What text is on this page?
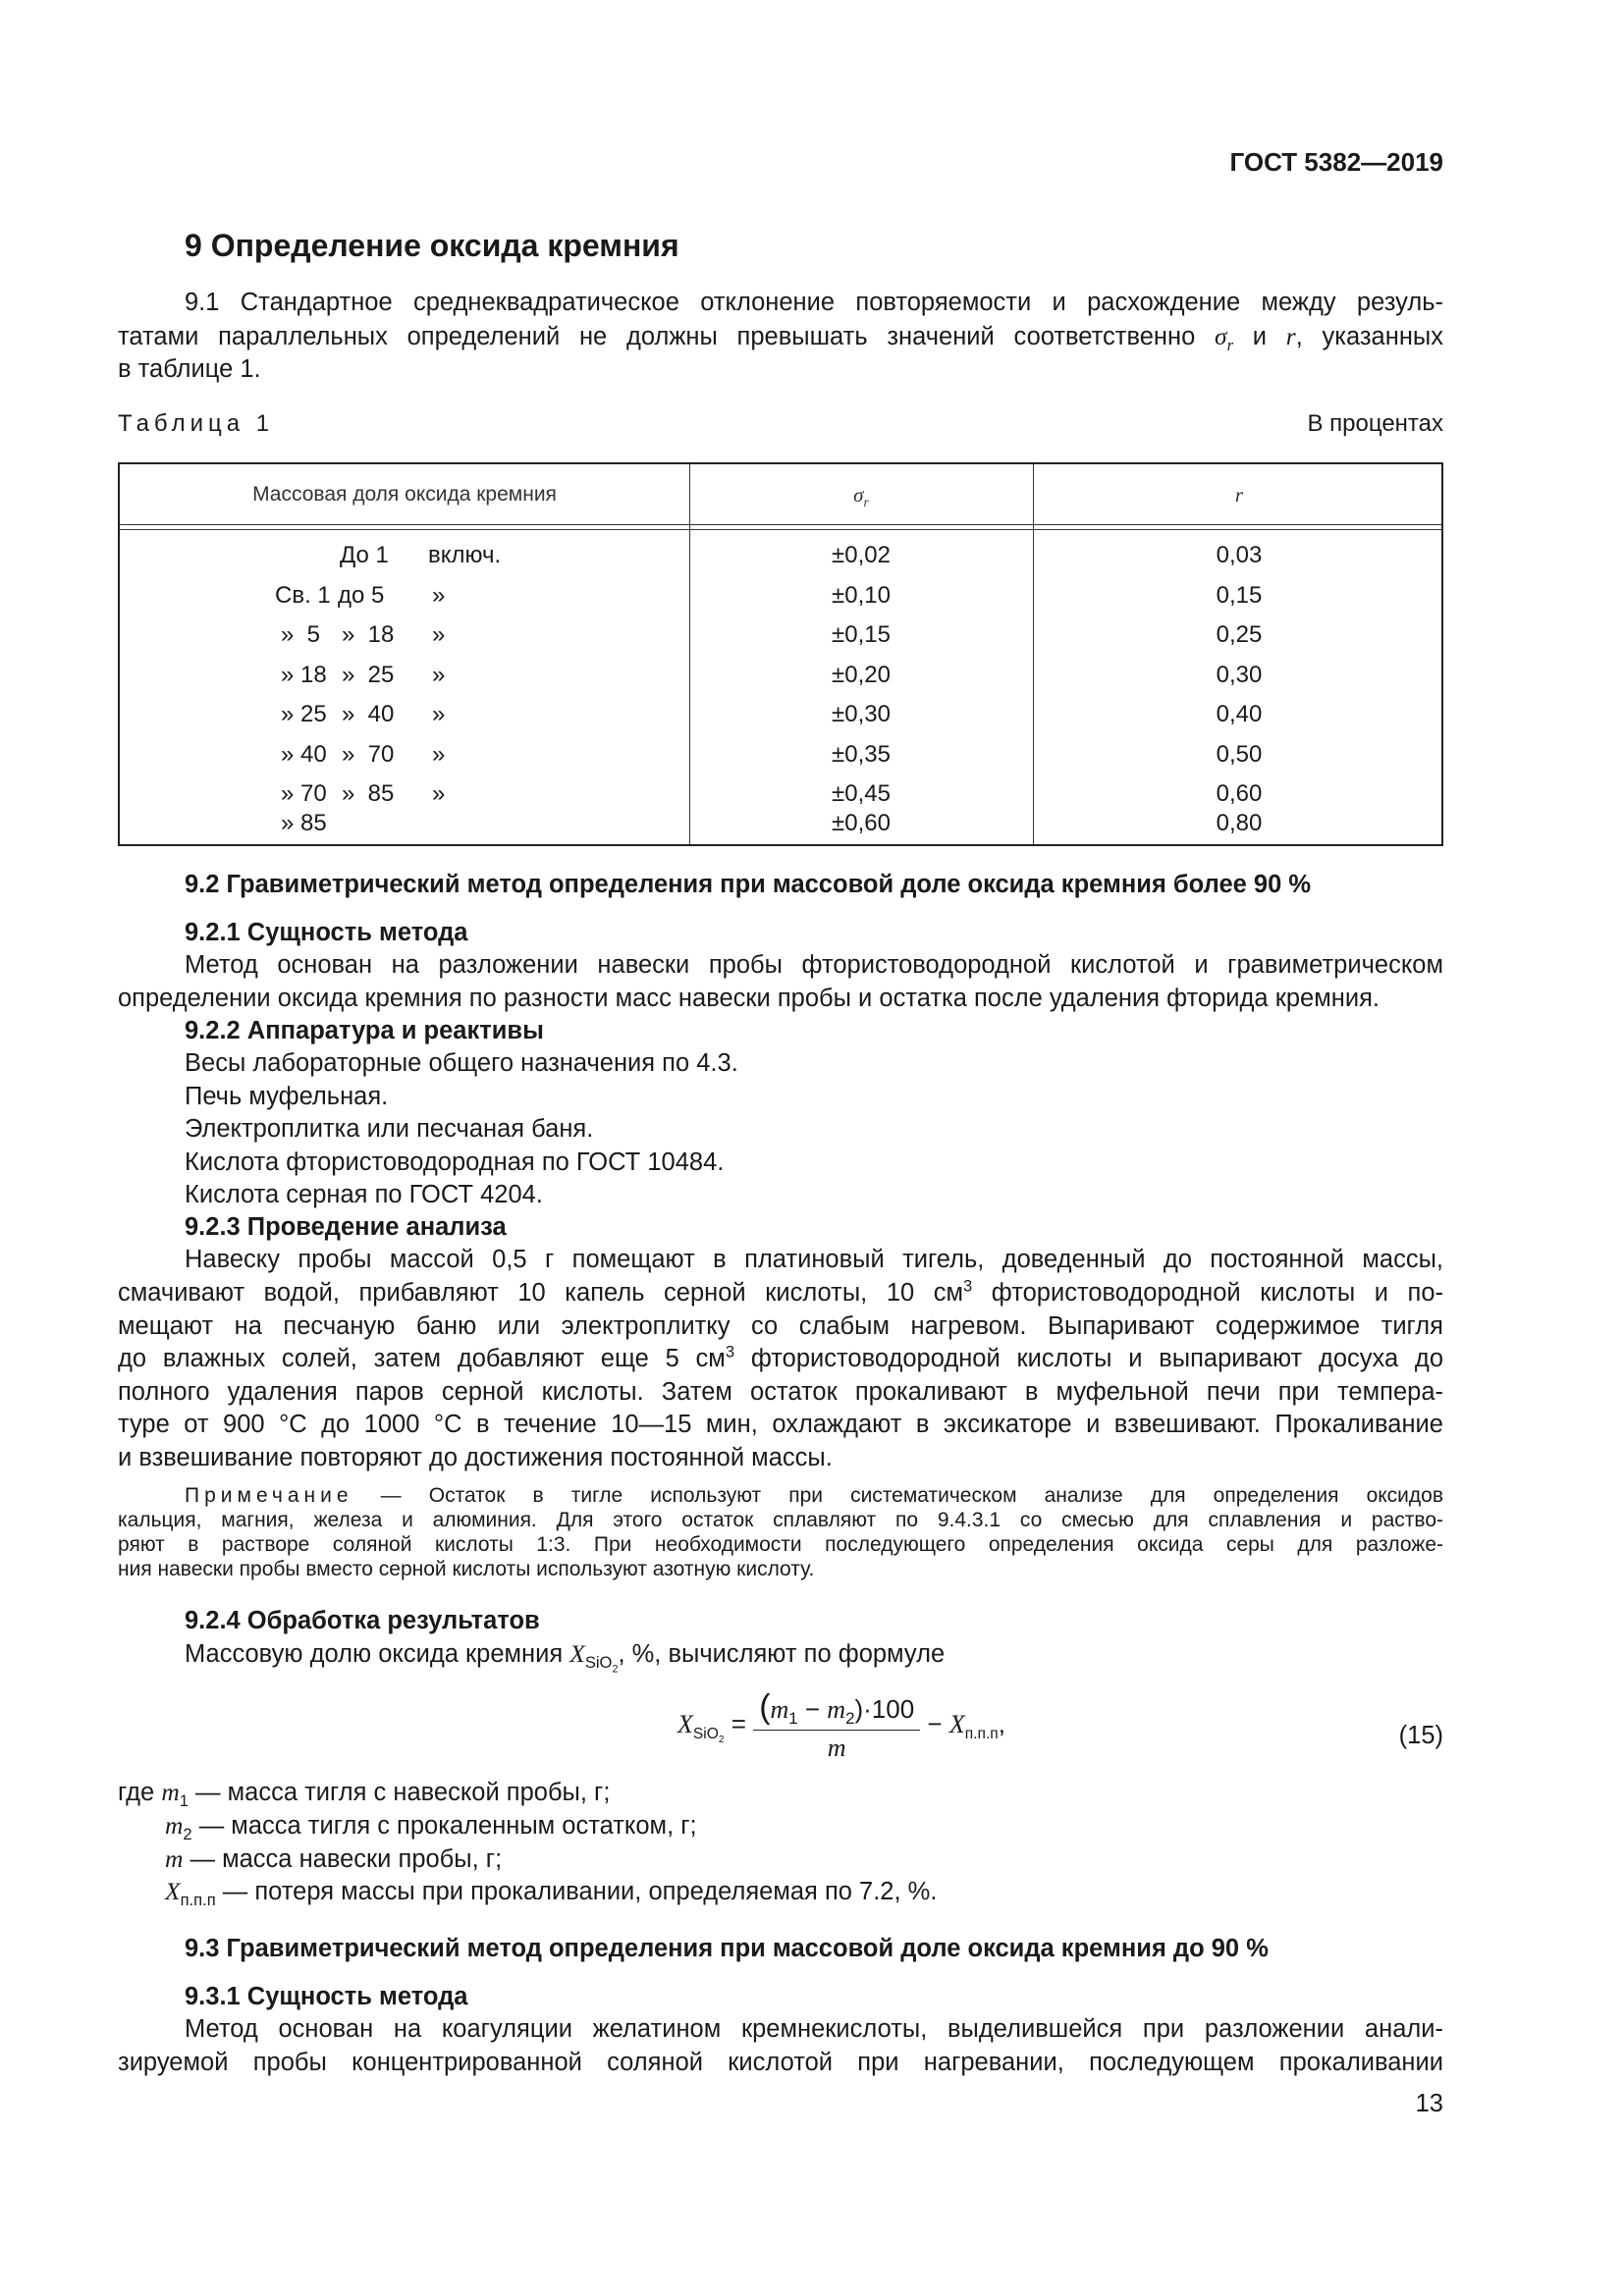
ГОСТ 5382—2019
9 Определение оксида кремния
9.1 Стандартное среднеквадратическое отклонение повторяемости и расхождение между резуль-
татами параллельных определений не должны превышать значений соответственно $\sigma_r$ и r, указанных
в таблице 1.
Таблица 1	В процентах
Массовая доля оксида кремния	$\sigma_r$	r
До 1 включ.	±0,02	0,03
Св. 1 до 5 »	±0,10	0,15
»  5 »  18 »	±0,15	0,25
» 18 »  25 »	±0,20	0,30
» 25 »  40 »	±0,30	0,40
» 40 »  70 »	±0,35	0,50
» 70 »  85 »	±0,45	0,60
» 85	±0,60	0,80
9.2 Гравиметрический метод определения при массовой доле оксида кремния более 90 %
9.2.1 Сущность метода
Метод основан на разложении навески пробы фтористоводородной кислотой и гравиметрическом
определении оксида кремния по разности масс навески пробы и остатка после удаления фторида кремния.
9.2.2 Аппаратура и реактивы
Весы лабораторные общего назначения по 4.3.
Печь муфельная.
Электроплитка или песчаная баня.
Кислота фтористоводородная по ГОСТ 10484.
Кислота серная по ГОСТ 4204.
9.2.3 Проведение анализа
Навеску пробы массой 0,5 г помещают в платиновый тигель, доведенный до постоянной массы,
смачивают водой, прибавляют 10 капель серной кислоты, 10 $см^3$ фтористоводородной кислоты и по-
мещают на песчаную баню или электроплитку со слабым нагревом. Выпаривают содержимое тигля
до влажных солей, затем добавляют еще 5 $см^3$ фтористоводородной кислоты и выпаривают досуха до
полного удаления паров серной кислоты. Затем остаток прокаливают в муфельной печи при темпера-
туре от 900 °С до 1000 °С в течение 10—15 мин, охлаждают в эксикаторе и взвешивают. Прокаливание
и взвешивание повторяют до достижения постоянной массы.
Примечание — Остаток в тигле используют при систематическом анализе для определения оксидов
кальция, магния, железа и алюминия. Для этого остаток сплавляют по 9.4.3.1 со смесью для сплавления и раство-
ряют в растворе соляной кислоты 1:3. При необходимости последующего определения оксида серы для разложе-
ния навески пробы вместо серной кислоты используют азотную кислоту.
9.2.4 Обработка результатов
Массовую долю оксида кремния $X_{SiO_2}$, %, вычисляют по формуле
$X_{SiO_2} = \frac{(m_1 - m_2)\cdot 100}{m} - X_{п.п.п}$,	(15)
где $m_1$ — масса тигля с навеской пробы, г;
$m_2$ — масса тигля с прокаленным остатком, г;
m — масса навески пробы, г;
$X_{п.п.п}$ — потеря массы при прокаливании, определяемая по 7.2, %.
9.3 Гравиметрический метод определения при массовой доле оксида кремния до 90 %
9.3.1 Сущность метода
Метод основан на коагуляции желатином кремнекислоты, выделившейся при разложении анали-
зируемой пробы концентрированной соляной кислотой при нагревании, последующем прокаливании
13
